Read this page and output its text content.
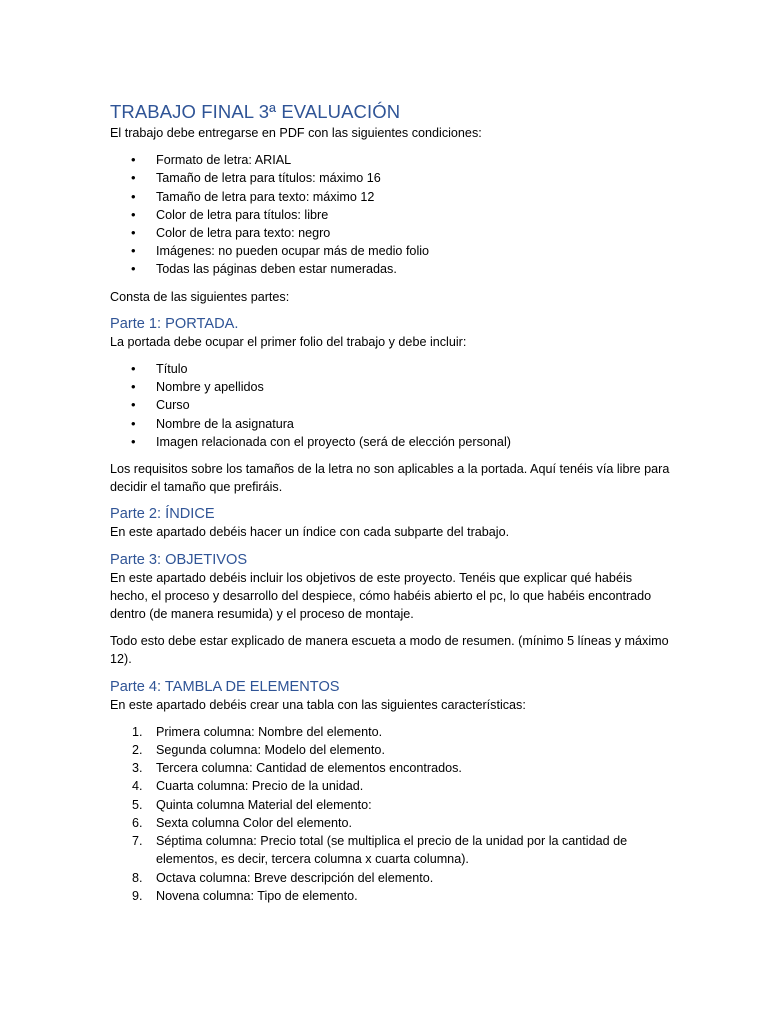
TRABAJO FINAL 3ª EVALUACIÓN

El trabajo debe entregarse en PDF con las siguientes condiciones:

• Formato de letra: ARIAL
• Tamaño de letra para títulos: máximo 16
• Tamaño de letra para texto: máximo 12
• Color de letra para títulos: libre
• Color de letra para texto: negro
• Imágenes: no pueden ocupar más de medio folio
• Todas las páginas deben estar numeradas.

Consta de las siguientes partes:

Parte 1: PORTADA.

La portada debe ocupar el primer folio del trabajo y debe incluir:

• Título
• Nombre y apellidos
• Curso
• Nombre de la asignatura
• Imagen relacionada con el proyecto (será de elección personal)

Los requisitos sobre los tamaños de la letra no son aplicables a la portada. Aquí tenéis vía libre para decidir el tamaño que prefiráis.

Parte 2: ÍNDICE

En este apartado debéis hacer un índice con cada subparte del trabajo.

Parte 3: OBJETIVOS

En este apartado debéis incluir los objetivos de este proyecto. Tenéis que explicar qué habéis hecho, el proceso y desarrollo del despiece, cómo habéis abierto el pc, lo que habéis encontrado dentro (de manera resumida) y el proceso de montaje.

Todo esto debe estar explicado de manera escueta a modo de resumen. (mínimo 5 líneas y máximo 12).

Parte 4: TAMBLA DE ELEMENTOS

En este apartado debéis crear una tabla con las siguientes características:

1. Primera columna: Nombre del elemento.
2. Segunda columna: Modelo del elemento.
3. Tercera columna: Cantidad de elementos encontrados.
4. Cuarta columna: Precio de la unidad.
5. Quinta columna Material del elemento:
6. Sexta columna Color del elemento.
7. Séptima columna: Precio total (se multiplica el precio de la unidad por la cantidad de elementos, es decir, tercera columna x cuarta columna).
8. Octava columna: Breve descripción del elemento.
9. Novena columna: Tipo de elemento.
